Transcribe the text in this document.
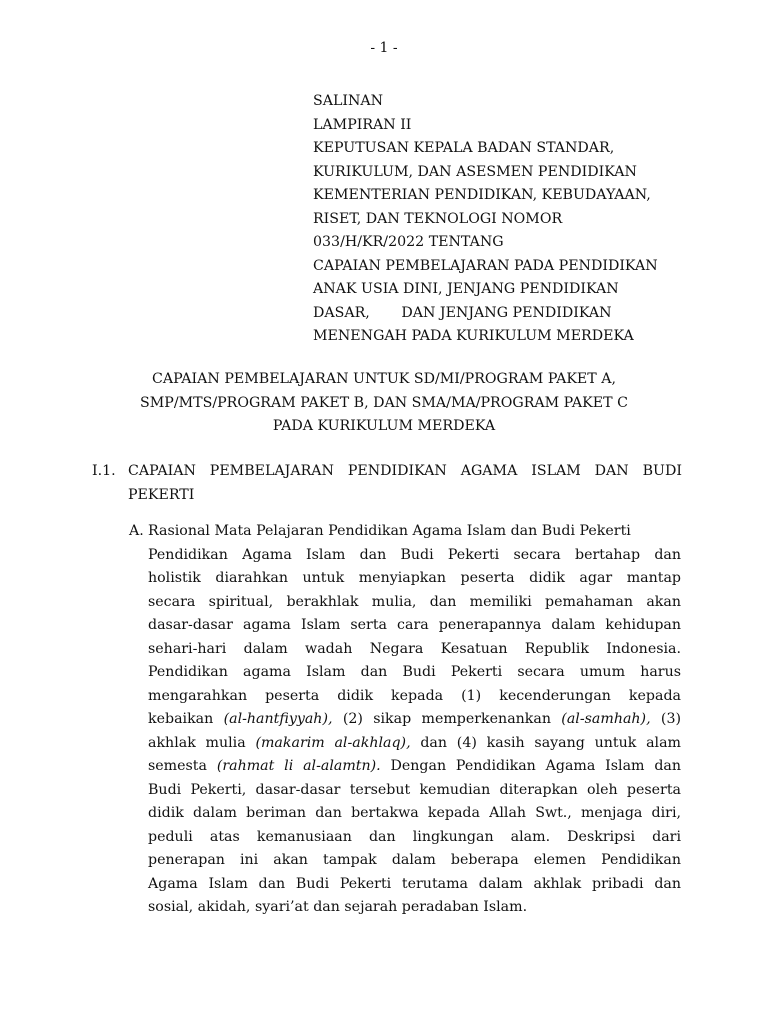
- 1 -
SALINAN
LAMPIRAN II
KEPUTUSAN KEPALA BADAN STANDAR,
KURIKULUM, DAN ASESMEN PENDIDIKAN
KEMENTERIAN PENDIDIKAN, KEBUDAYAAN,
RISET, DAN TEKNOLOGI NOMOR
033/H/KR/2022 TENTANG
CAPAIAN PEMBELAJARAN PADA PENDIDIKAN
ANAK USIA DINI, JENJANG PENDIDIKAN
DASAR,       DAN JENJANG PENDIDIKAN
MENENGAH PADA KURIKULUM MERDEKA
CAPAIAN PEMBELAJARAN UNTUK SD/MI/PROGRAM PAKET A,
SMP/MTS/PROGRAM PAKET B, DAN SMA/MA/PROGRAM PAKET C
PADA KURIKULUM MERDEKA
I.1. CAPAIAN PEMBELAJARAN PENDIDIKAN AGAMA ISLAM DAN BUDI PEKERTI
A. Rasional Mata Pelajaran Pendidikan Agama Islam dan Budi Pekerti
Pendidikan Agama Islam dan Budi Pekerti secara bertahap dan
holistik diarahkan untuk menyiapkan peserta didik agar mantap
secara spiritual, berakhlak mulia, dan memiliki pemahaman akan
dasar-dasar agama Islam serta cara penerapannya dalam kehidupan
sehari-hari dalam wadah Negara Kesatuan Republik Indonesia.
Pendidikan agama Islam dan Budi Pekerti secara umum harus
mengarahkan peserta didik kepada (1) kecenderungan kepada
kebaikan (al-hantfiyyah), (2) sikap memperkenankan (al-samhah), (3)
akhlak mulia (makarim al-akhlaq), dan (4) kasih sayang untuk alam
semesta (rahmat li al-alamtn). Dengan Pendidikan Agama Islam dan
Budi Pekerti, dasar-dasar tersebut kemudian diterapkan oleh peserta
didik dalam beriman dan bertakwa kepada Allah Swt., menjaga diri,
peduli atas kemanusiaan dan lingkungan alam. Deskripsi dari
penerapan ini akan tampak dalam beberapa elemen Pendidikan
Agama Islam dan Budi Pekerti terutama dalam akhlak pribadi dan
sosial, akidah, syari’at dan sejarah peradaban Islam.
